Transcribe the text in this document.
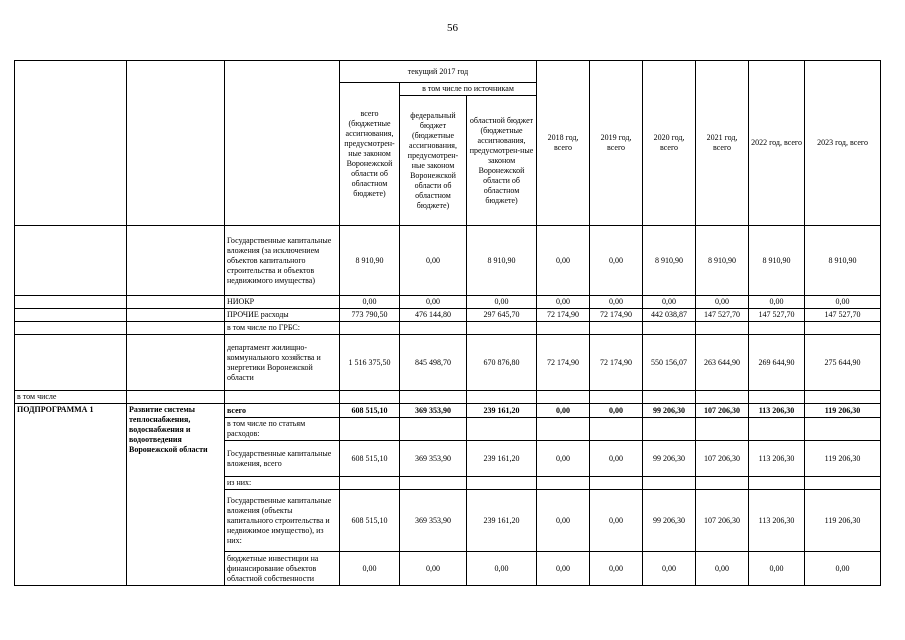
56
			текущий 2017 год			2018 год, всего	2019 год, всего	2020 год, всего	2021 год, всего	2022 год, всего	2023 год, всего
			всего (бюджетные ассигнования, предусмотрен-ные законом Воронежской области об областном бюджете)	в том числе по источникам							
				федеральный бюджет (бюджетные ассигнования, предусмотрен-ные законом Воронежской области об областном бюджете)	областной бюджет (бюджетные ассигнования, предусмотрен-ные законом Воронежской области об областном бюджете)						
		Государственные капитальные вложения (за исключением объектов капитального строительства и объектов недвижимого имущества)	8 910,90	0,00	8 910,90	0,00	0,00	8 910,90	8 910,90	8 910,90	8 910,90
		НИОКР	0,00	0,00	0,00	0,00	0,00	0,00	0,00	0,00	0,00
		ПРОЧИЕ расходы	773 790,50	476 144,80	297 645,70	72 174,90	72 174,90	442 038,87	147 527,70	147 527,70	147 527,70
		в том числе по ГРБС:									
		департамент жилищно-коммунального хозяйства и энергетики Воронежской области	1 516 375,50	845 498,70	670 876,80	72 174,90	72 174,90	550 156,07	263 644,90	269 644,90	275 644,90
в том числе											
ПОДПРОГРАММА 1	Развитие системы теплоснабжения, водоснабжения и водоотведения Воронежской области	всего	608 515,10	369 353,90	239 161,20	0,00	0,00	99 206,30	107 206,30	113 206,30	119 206,30
		в том числе по статьям расходов:									
		Государственные капитальные вложения, всего	608 515,10	369 353,90	239 161,20	0,00	0,00	99 206,30	107 206,30	113 206,30	119 206,30
		из них:									
		Государственные капитальные вложения (объекты капитального строительства и недвижимое имущество), из них:	608 515,10	369 353,90	239 161,20	0,00	0,00	99 206,30	107 206,30	113 206,30	119 206,30
		бюджетные инвестиции на финансирование объектов областной собственности	0,00	0,00	0,00	0,00	0,00	0,00	0,00	0,00	0,00
